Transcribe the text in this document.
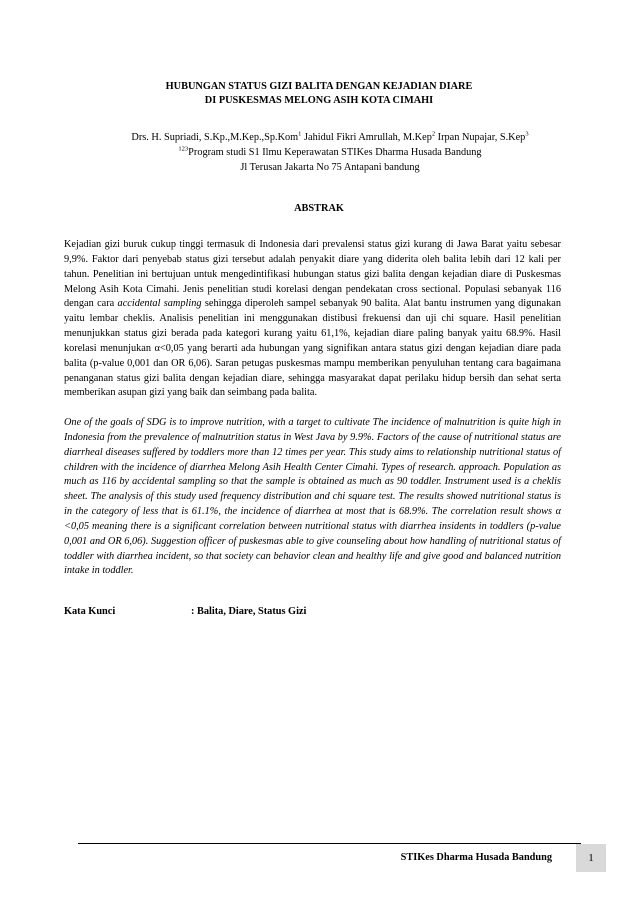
HUBUNGAN STATUS GIZI BALITA DENGAN KEJADIAN DIARE
DI PUSKESMAS MELONG ASIH KOTA CIMAHI
Drs. H. Supriadi, S.Kp.,M.Kep.,Sp.Kom$^1$ Jahidul Fikri Amrullah, M.Kep$^2$ Irpan Nupajar, S.Kep$^3$
$^{123}$Program studi S1 Ilmu Keperawatan STIKes Dharma Husada Bandung
Jl Terusan Jakarta No 75 Antapani bandung
ABSTRAK

Kejadian gizi buruk cukup tinggi termasuk di Indonesia dari prevalensi status gizi kurang di Jawa Barat yaitu sebesar 9,9%. Faktor dari penyebab status gizi tersebut adalah penyakit diare yang diderita oleh balita lebih dari 12 kali per tahun. Penelitian ini bertujuan untuk mengedintifikasi hubungan status gizi balita dengan kejadian diare di Puskesmas Melong Asih Kota Cimahi. Jenis penelitian studi korelasi dengan pendekatan cross sectional. Populasi sebanyak 116 dengan cara accidental sampling sehingga diperoleh sampel sebanyak 90 balita. Alat bantu instrumen yang digunakan yaitu lembar cheklis. Analisis penelitian ini menggunakan distibusi frekuensi dan uji chi square. Hasil penelitian menunjukkan status gizi berada pada kategori kurang yaitu 61,1%, kejadian diare paling banyak yaitu 68.9%. Hasil korelasi menunjukan α<0,05 yang berarti ada hubungan yang signifikan antara status gizi dengan kejadian diare pada balita (p-value 0,001 dan OR 6,06). Saran petugas puskesmas mampu memberikan penyuluhan tentang cara bagaimana penanganan status gizi balita dengan kejadian diare, sehingga masyarakat dapat perilaku hidup bersih dan sehat serta memberikan asupan gizi yang baik dan seimbang pada balita.

One of the goals of SDG is to improve nutrition, with a target to cultivate The incidence of malnutrition is quite high in Indonesia from the prevalence of malnutrition status in West Java by 9.9%. Factors of the cause of nutritional status are diarrheal diseases suffered by toddlers more than 12 times per year. This study aims to relationship nutritional status of children with the incidence of diarrhea Melong Asih Health Center Cimahi. Types of research. approach. Population as much as 116 by accidental sampling so that the sample is obtained as much as 90 toddler. Instrument used is a cheklis sheet. The analysis of this study used frequency distribution and chi square test. The results showed nutritional status is in the category of less that is 61.1%, the incidence of diarrhea at most that is 68.9%. The correlation result shows α <0,05 meaning there is a significant correlation between nutritional status with diarrhea insidents in toddlers (p-value 0,001 and OR 6,06). Suggestion officer of puskesmas able to give counseling about how handling of nutritional status of toddler with diarrhea incident, so that society can behavior clean and healthy life and give good and balanced nutrition intake in toddler.

Kata Kunci	: Balita, Diare, Status Gizi
STIKes Dharma Husada Bandung	1
